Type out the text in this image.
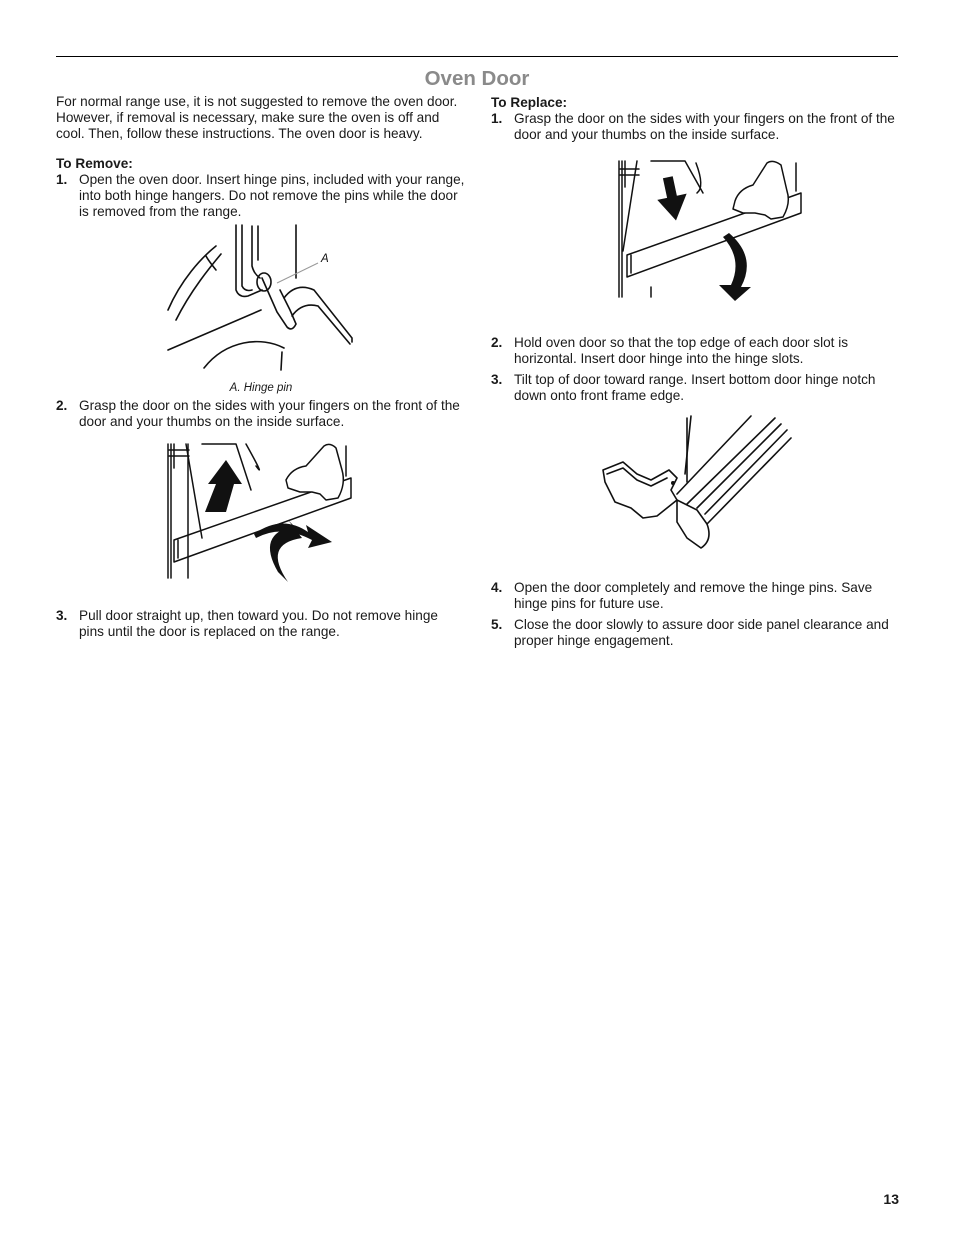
Oven Door

For normal range use, it is not suggested to remove the oven door. However, if removal is necessary, make sure the oven is off and cool. Then, follow these instructions. The oven door is heavy.

To Remove:
1. Open the oven door. Insert hinge pins, included with your range, into both hinge hangers. Do not remove the pins while the door is removed from the range.
A
A. Hinge pin
2. Grasp the door on the sides with your fingers on the front of the door and your thumbs on the inside surface.
3. Pull door straight up, then toward you. Do not remove hinge pins until the door is replaced on the range.
To Replace:
1. Grasp the door on the sides with your fingers on the front of the door and your thumbs on the inside surface.
2. Hold oven door so that the top edge of each door slot is horizontal. Insert door hinge into the hinge slots.
3. Tilt top of door toward range. Insert bottom door hinge notch down onto front frame edge.
4. Open the door completely and remove the hinge pins. Save hinge pins for future use.
5. Close the door slowly to assure door side panel clearance and proper hinge engagement.
13
